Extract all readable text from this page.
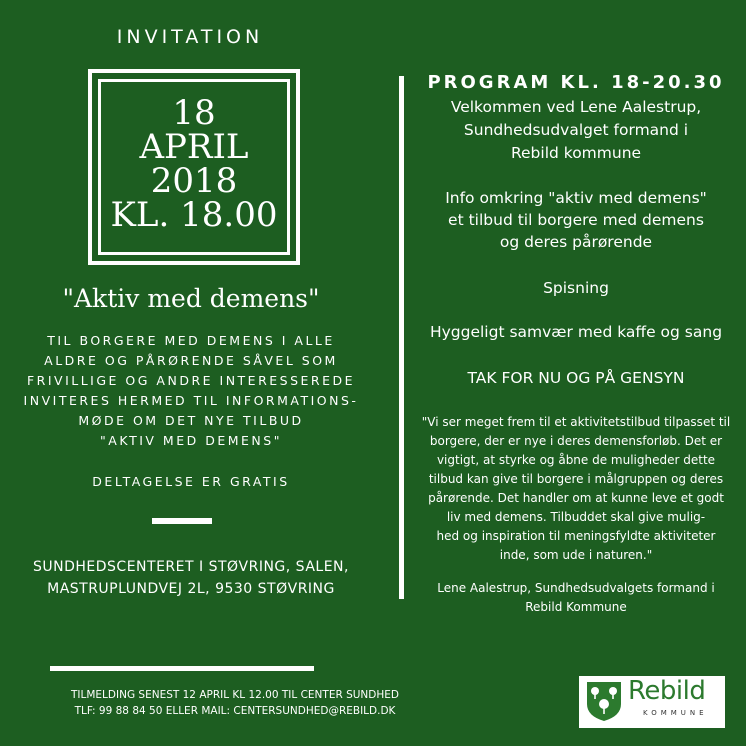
INVITATION
18
APRIL
2018
KL. 18.00
"Aktiv med demens"
TIL BORGERE MED DEMENS I ALLE
ALDRE OG PÅRØRENDE SÅVEL SOM
FRIVILLIGE OG ANDRE INTERESSEREDE
INVITERES HERMED TIL INFORMATIONS-
MØDE OM DET NYE TILBUD
"AKTIV MED DEMENS"
DELTAGELSE ER GRATIS
SUNDHEDSCENTERET I STØVRING, SALEN,
MASTRUPLUNDVEJ 2L, 9530 STØVRING
PROGRAM KL. 18-20.30
Velkommen ved Lene Aalestrup,
Sundhedsudvalget formand i
Rebild kommune
Info omkring "aktiv med demens"
et tilbud til borgere med demens
og deres pårørende
Spisning
Hyggeligt samvær med kaffe og sang
TAK FOR NU OG PÅ GENSYN
"Vi ser meget frem til et aktivitetstilbud tilpasset til
borgere, der er nye i deres demensforløb. Det er
vigtigt, at styrke og åbne de muligheder dette
tilbud kan give til borgere i målgruppen og deres
pårørende. Det handler om at kunne leve et godt
liv med demens. Tilbuddet skal give mulig-
hed og inspiration til meningsfyldte aktiviteter
inde, som ude i naturen."
Lene Aalestrup, Sundhedsudvalgets formand i
Rebild Kommune
TILMELDING SENEST 12 APRIL KL 12.00 TIL CENTER SUNDHED
TLF: 99 88 84 50 ELLER MAIL: CENTERSUNDHED@REBILD.DK
Rebild
KOMMUNE
